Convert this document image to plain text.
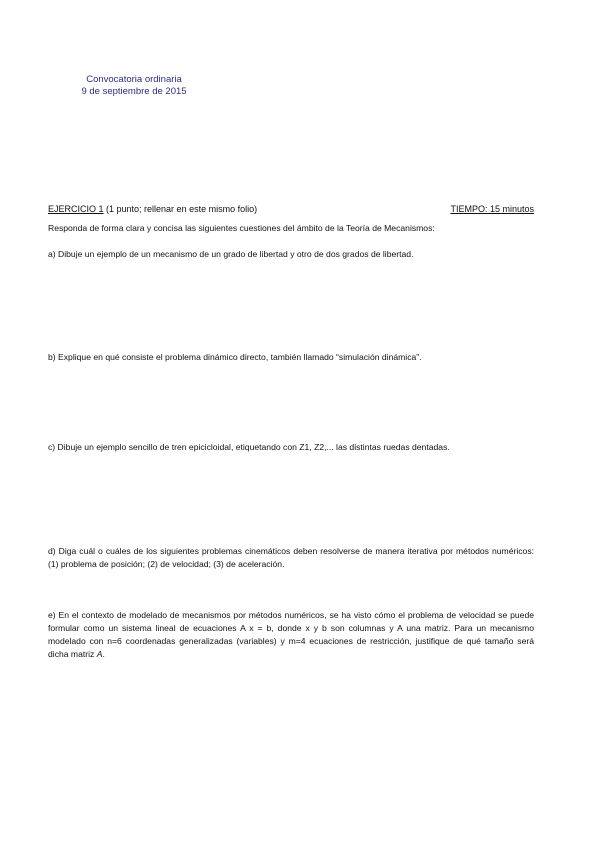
Convocatoria ordinaria
9 de septiembre de 2015
EJERCICIO 1 (1 punto; rellenar en este mismo folio)	TIEMPO: 15 minutos
Responda de forma clara y concisa las siguientes cuestiones del ámbito de la Teoría de Mecanismos:
a) Dibuje un ejemplo de un mecanismo de un grado de libertad y otro de dos grados de libertad.
b) Explique en qué consiste el problema dinámico directo, también llamado “simulación dinámica”.
c) Dibuje un ejemplo sencillo de tren epicicloidal, etiquetando con Z1, Z2,... las distintas ruedas dentadas.
d) Diga cuál o cuáles de los siguientes problemas cinemáticos deben resolverse de manera iterativa por métodos numéricos: (1) problema de posición; (2) de velocidad; (3) de aceleración.
e) En el contexto de modelado de mecanismos por métodos numéricos, se ha visto cómo el problema de velocidad se puede formular como un sistema lineal de ecuaciones A x = b, donde x y b son columnas y A una matriz. Para un mecanismo modelado con n=6 coordenadas generalizadas (variables) y m=4 ecuaciones de restricción, justifique de qué tamaño será dicha matriz A.
